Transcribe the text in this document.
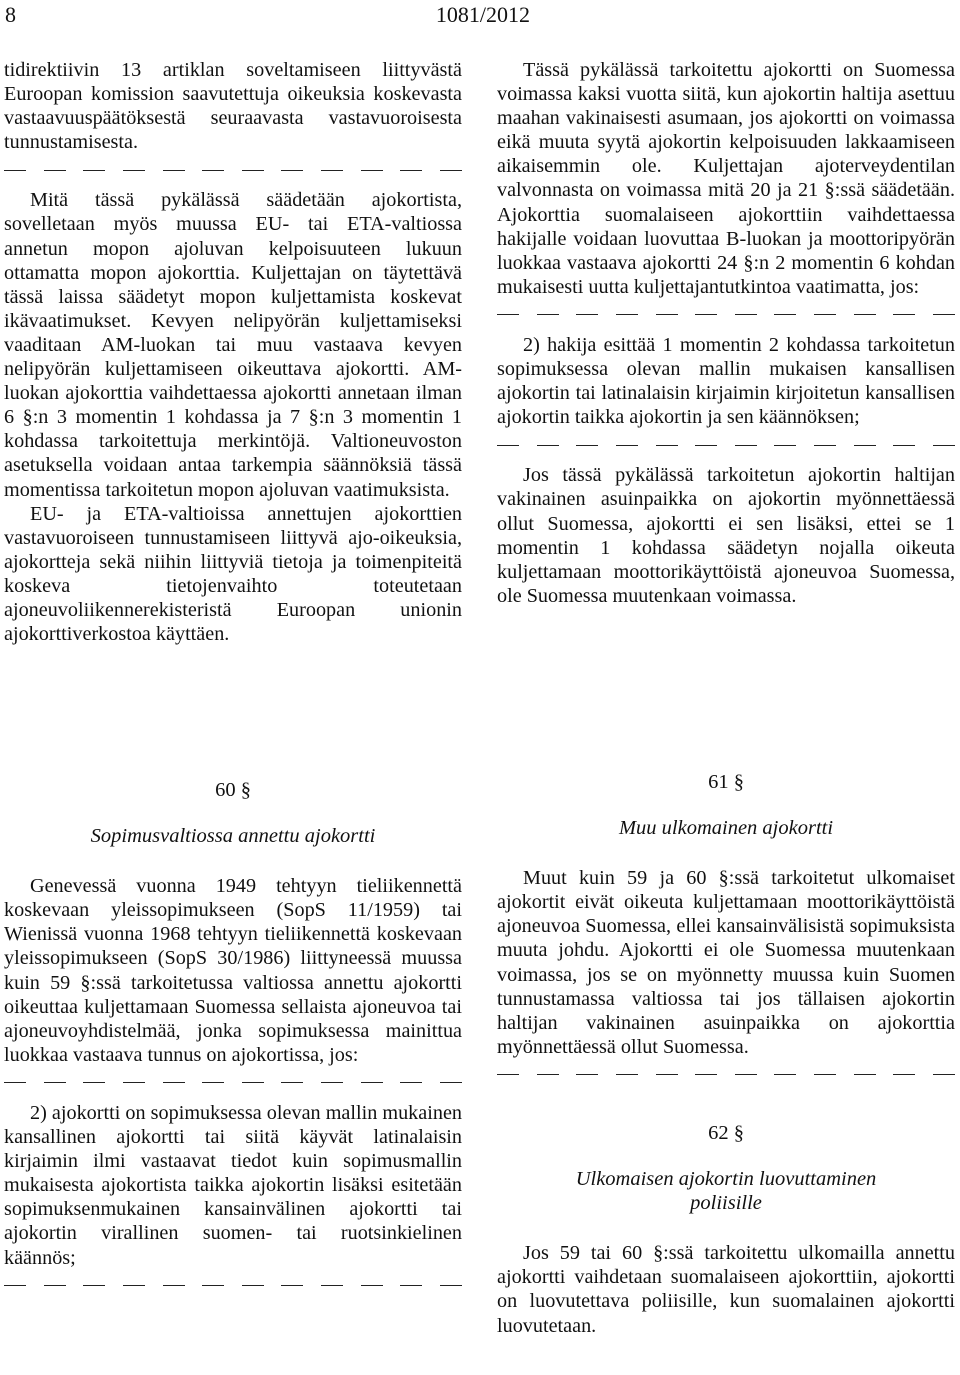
8	1081/2012

tidirektiivin 13 artiklan soveltamiseen liittyvästä Euroopan komission saavutettuja oikeuksia koskevasta vastaavuuspäätöksestä seuraavasta vastavuoroisesta tunnustamisesta.

Mitä tässä pykälässä säädetään ajokortista, sovelletaan myös muussa EU- tai ETA-valtiossa annetun mopon ajoluvan kelpoisuuteen lukuun ottamatta mopon ajokorttia. Kuljettajan on täytettävä tässä laissa säädetyt mopon kuljettamista koskevat ikävaatimukset. Kevyen nelipyörän kuljettamiseksi vaaditaan AM-luokan tai muu vastaava kevyen nelipyörän kuljettamiseen oikeuttava ajokortti. AM-luokan ajokorttia vaihdettaessa ajokortti annetaan ilman 6 §:n 3 momentin 1 kohdassa ja 7 §:n 3 momentin 1 kohdassa tarkoitettuja merkintöjä. Valtioneuvoston asetuksella voidaan antaa tarkempia säännöksiä tässä momentissa tarkoitetun mopon ajoluvan vaatimuksista.

EU- ja ETA-valtioissa annettujen ajokorttien vastavuoroiseen tunnustamiseen liittyvä ajo-oikeuksia, ajokortteja sekä niihin liittyviä tietoja ja toimenpiteitä koskeva tietojenvaihto toteutetaan ajoneuvoliikennerekisteristä Euroopan unionin ajokorttiverkostoa käyttäen.

Tässä pykälässä tarkoitettu ajokortti on Suomessa voimassa kaksi vuotta siitä, kun ajokortin haltija asettuu maahan vakinaisesti asumaan, jos ajokortti on voimassa eikä muuta syytä ajokortin kelpoisuuden lakkaamiseen aikaisemmin ole. Kuljettajan ajoterveydentilan valvonnasta on voimassa mitä 20 ja 21 §:ssä säädetään. Ajokorttia suomalaiseen ajokorttiin vaihdettaessa hakijalle voidaan luovuttaa B-luokan ja moottoripyörän luokkaa vastaava ajokortti 24 §:n 2 momentin 6 kohdan mukaisesti uutta kuljettajantutkintoa vaatimatta, jos:

2) hakija esittää 1 momentin 2 kohdassa tarkoitetun sopimuksessa olevan mallin mukaisen kansallisen ajokortin tai latinalaisin kirjaimin kirjoitetun kansallisen ajokortin taikka ajokortin ja sen käännöksen;

Jos tässä pykälässä tarkoitetun ajokortin haltijan vakinainen asuinpaikka on ajokortin myönnettäessä ollut Suomessa, ajokortti ei sen lisäksi, ettei se 1 momentin 1 kohdassa säädetyn nojalla oikeuta kuljettamaan moottorikäyttöistä ajoneuvoa Suomessa, ole Suomessa muutenkaan voimassa.

60 §
Sopimusvaltiossa annettu ajokortti

Genevessä vuonna 1949 tehtyyn tieliikennettä koskevaan yleissopimukseen (SopS 11/1959) tai Wienissä vuonna 1968 tehtyyn tieliikennettä koskevaan yleissopimukseen (SopS 30/1986) liittyneessä muussa kuin 59 §:ssä tarkoitetussa valtiossa annettu ajokortti oikeuttaa kuljettamaan Suomessa sellaista ajoneuvoa tai ajoneuvoyhdistelmää, jonka sopimuksessa mainittua luokkaa vastaava tunnus on ajokortissa, jos:

2) ajokortti on sopimuksessa olevan mallin mukainen kansallinen ajokortti tai siitä käyvät latinalaisin kirjaimin ilmi vastaavat tiedot kuin sopimusmallin mukaisesta ajokortista taikka ajokortin lisäksi esitetään sopimuksenmukainen kansainvälinen ajokortti tai ajokortin virallinen suomen- tai ruotsinkielinen käännös;

61 §
Muu ulkomainen ajokortti

Muut kuin 59 ja 60 §:ssä tarkoitetut ulkomaiset ajokortit eivät oikeuta kuljettamaan moottorikäyttöistä ajoneuvoa Suomessa, ellei kansainvälisistä sopimuksista muuta johdu. Ajokortti ei ole Suomessa muutenkaan voimassa, jos se on myönnetty muussa kuin Suomen tunnustamassa valtiossa tai jos tällaisen ajokortin haltijan vakinainen asuinpaikka on ajokorttia myönnettäessä ollut Suomessa.

62 §
Ulkomaisen ajokortin luovuttaminen poliisille

Jos 59 tai 60 §:ssä tarkoitettu ulkomailla annettu ajokortti vaihdetaan suomalaiseen ajokorttiin, ajokortti on luovutettava poliisille, kun suomalainen ajokortti luovutetaan.
